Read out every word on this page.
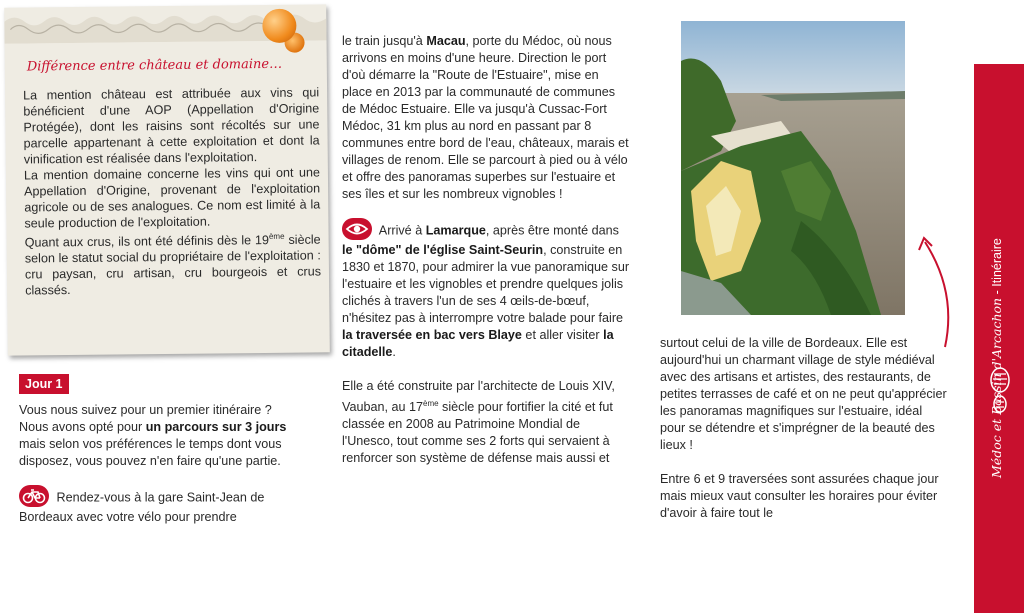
Différence entre château et domaine…

La mention château est attribuée aux vins qui bénéficient d'une AOP (Appellation d'Origine Protégée), dont les raisins sont récoltés sur une parcelle appartenant à cette exploitation et dont la vinification est réalisée dans l'exploitation.

La mention domaine concerne les vins qui ont une Appellation d'Origine, provenant de l'exploitation agricole ou de ses analogues. Ce nom est limité à la seule production de l'exploitation.

Quant aux crus, ils ont été définis dès le 19ème siècle selon le statut social du propriétaire de l'exploitation : cru paysan, cru artisan, cru bourgeois et crus classés.

Jour 1

Vous nous suivez pour un premier itinéraire ? Nous avons opté pour un parcours sur 3 jours mais selon vos préférences le temps dont vous disposez, vous pouvez n'en faire qu'une partie.

Rendez-vous à la gare Saint-Jean de Bordeaux avec votre vélo pour prendre

le train jusqu'à Macau, porte du Médoc, où nous arrivons en moins d'une heure. Direction le port d'où démarre la "Route de l'Estuaire", mise en place en 2013 par la communauté de communes de Médoc Estuaire. Elle va jusqu'à Cussac-Fort Médoc, 31 km plus au nord en passant par 8 communes entre bord de l'eau, châteaux, marais et villages de renom. Elle se parcourt à pied ou à vélo et offre des panoramas superbes sur l'estuaire et ses îles et sur les nombreux vignobles !

Arrivé à Lamarque, après être monté dans le "dôme" de l'église Saint-Seurin, construite en 1830 et 1870, pour admirer la vue panoramique sur l'estuaire et les vignobles et prendre quelques jolis clichés à travers l'un de ses 4 œils-de-bœuf, n'hésitez pas à interrompre votre balade pour faire la traversée en bac vers Blaye et aller visiter la citadelle.

Elle a été construite par l'architecte de Louis XIV, Vauban, au 17ème siècle pour fortifier la cité et fut classée en 2008 au Patrimoine Mondial de l'Unesco, tout comme ses 2 forts qui servaient à renforcer son système de défense mais aussi et

surtout celui de la ville de Bordeaux. Elle est aujourd'hui un charmant village de style médiéval avec des artisans et artistes, des restaurants, de petites terrasses de café et on ne peut qu'apprécier les panoramas magnifiques sur l'estuaire, idéal pour se détendre et s'imprégner de la beauté des lieux !

Entre 6 et 9 traversées sont assurées chaque jour mais mieux vaut consulter les horaires pour éviter d'avoir à faire tout le

Médoc et Bassin d'Arcachon - Itinéraire
